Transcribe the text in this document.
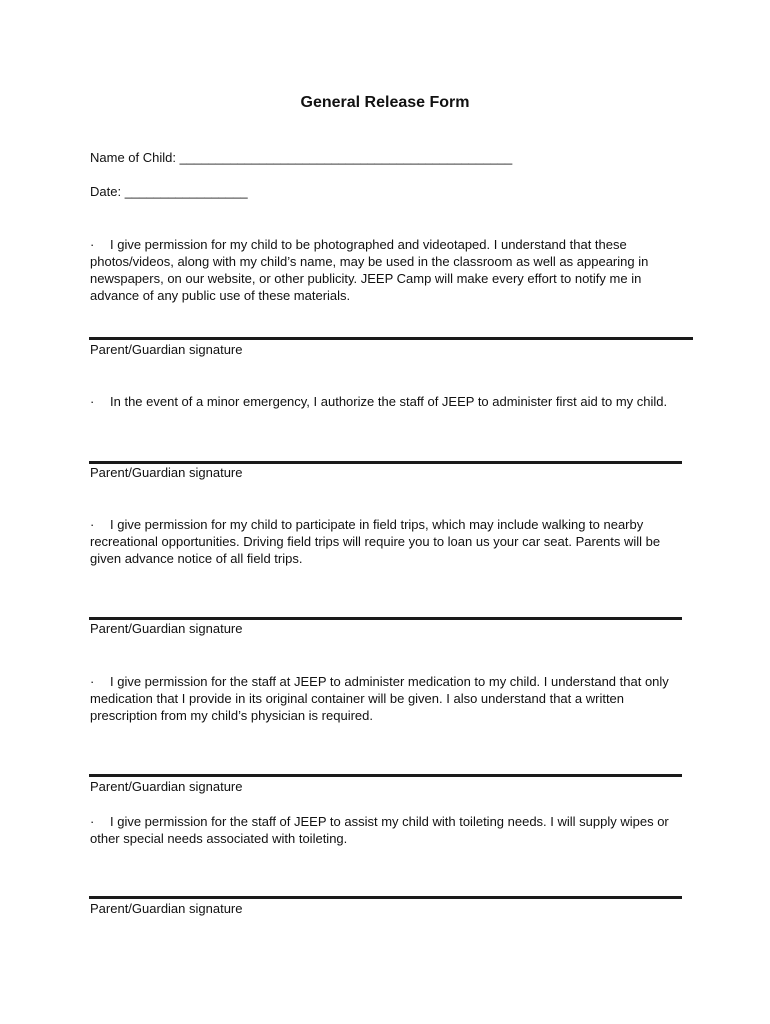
General Release Form
Name of Child: ______________________________________________
Date: _________________
· I give permission for my child to be photographed and videotaped. I understand that these photos/videos, along with my child’s name, may be used in the classroom as well as appearing in newspapers, on our website, or other publicity. JEEP Camp will make every effort to notify me in advance of any public use of these materials.
Parent/Guardian signature
· In the event of a minor emergency, I authorize the staff of JEEP to administer first aid to my child.
Parent/Guardian signature
· I give permission for my child to participate in field trips, which may include walking to nearby recreational opportunities. Driving field trips will require you to loan us your car seat. Parents will be given advance notice of all field trips.
Parent/Guardian signature
· I give permission for the staff at JEEP to administer medication to my child. I understand that only medication that I provide in its original container will be given. I also understand that a written prescription from my child’s physician is required.
Parent/Guardian signature
· I give permission for the staff of JEEP to assist my child with toileting needs. I will supply wipes or other special needs associated with toileting.
Parent/Guardian signature
